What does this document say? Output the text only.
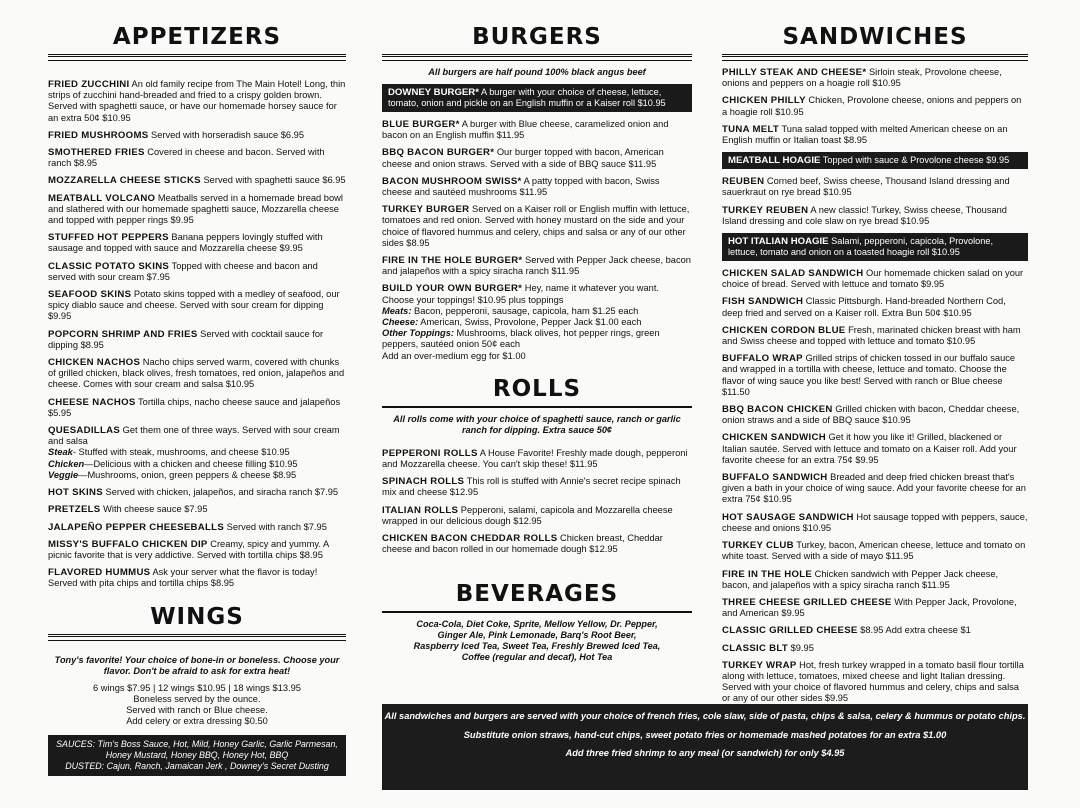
APPETIZERS
FRIED ZUCCHINI An old family recipe from The Main Hotel! Long, thin strips of zucchini hand-breaded and fried to a crispy golden brown. Served with spaghetti sauce, or have our homemade horsey sauce for an extra 50¢ $10.95
FRIED MUSHROOMS Served with horseradish sauce $6.95
SMOTHERED FRIES Covered in cheese and bacon. Served with ranch $8.95
MOZZARELLA CHEESE STICKS Served with spaghetti sauce $6.95
MEATBALL VOLCANO Meatballs served in a homemade bread bowl and slathered with our homemade spaghetti sauce, Mozzarella cheese and topped with pepper rings $9.95
STUFFED HOT PEPPERS Banana peppers lovingly stuffed with sausage and topped with sauce and Mozzarella cheese $9.95
CLASSIC POTATO SKINS Topped with cheese and bacon and served with sour cream $7.95
SEAFOOD SKINS Potato skins topped with a medley of seafood, our spicy diablo sauce and cheese. Served with sour cream for dipping $9.95
POPCORN SHRIMP AND FRIES Served with cocktail sauce for dipping $8.95
CHICKEN NACHOS Nacho chips served warm, covered with chunks of grilled chicken, black olives, fresh tomatoes, red onion, jalapeños and cheese. Comes with sour cream and salsa $10.95
CHEESE NACHOS Tortilla chips, nacho cheese sauce and jalapeños $5.95
QUESADILLAS Get them one of three ways. Served with sour cream and salsa
Steak- Stuffed with steak, mushrooms, and cheese $10.95
Chicken—Delicious with a chicken and cheese filling $10.95
Veggie—Mushrooms, onion, green peppers & cheese $8.95
HOT SKINS Served with chicken, jalapeños, and siracha ranch $7.95
PRETZELS With cheese sauce $7.95
JALAPEÑO PEPPER CHEESEBALLS Served with ranch $7.95
MISSY'S BUFFALO CHICKEN DIP Creamy, spicy and yummy. A picnic favorite that is very addictive. Served with tortilla chips $8.95
FLAVORED HUMMUS Ask your server what the flavor is today! Served with pita chips and tortilla chips $8.95
WINGS

Tony's favorite! Your choice of bone-in or boneless. Choose your flavor. Don't be afraid to ask for extra heat!

6 wings $7.95 | 12 wings $10.95 | 18 wings $13.95
Boneless served by the ounce.
Served with ranch or Blue cheese.
Add celery or extra dressing $0.50
SAUCES: Tim's Boss Sauce, Hot, Mild, Honey Garlic, Garlic Parmesan, Honey Mustard, Honey BBQ, Honey Hot, BBQ
DUSTED: Cajun, Ranch, Jamaican Jerk , Downey's Secret Dusting
BURGERS

All burgers are half pound 100% black angus beef

DOWNEY BURGER* A burger with your choice of cheese, lettuce, tomato, onion and pickle on an English muffin or a Kaiser roll $10.95
BLUE BURGER* A burger with Blue cheese, caramelized onion and bacon on an English muffin $11.95
BBQ BACON BURGER* Our burger topped with bacon, American cheese and onion straws. Served with a side of BBQ sauce $11.95
BACON MUSHROOM SWISS* A patty topped with bacon, Swiss cheese and sautéed mushrooms $11.95
TURKEY BURGER Served on a Kaiser roll or English muffin with lettuce, tomatoes and red onion. Served with honey mustard on the side and your choice of flavored hummus and celery, chips and salsa or any of our other sides $8.95
FIRE IN THE HOLE BURGER* Served with Pepper Jack cheese, bacon and jalapeños with a spicy siracha ranch $11.95
BUILD YOUR OWN BURGER* Hey, name it whatever you want. Choose your toppings! $10.95 plus toppings
Meats: Bacon, pepperoni, sausage, capicola, ham $1.25 each
Cheese: American, Swiss, Provolone, Pepper Jack $1.00 each
Other Toppings: Mushrooms, black olives, hot pepper rings, green peppers, sautéed onion 50¢ each
Add an over-medium egg for $1.00
ROLLS

All rolls come with your choice of spaghetti sauce, ranch or garlic ranch for dipping. Extra sauce 50¢

PEPPERONI ROLLS A House Favorite! Freshly made dough, pepperoni and Mozzarella cheese. You can't skip these! $11.95
SPINACH ROLLS This roll is stuffed with Annie's secret recipe spinach mix and cheese $12.95
ITALIAN ROLLS Pepperoni, salami, capicola and Mozzarella cheese wrapped in our delicious dough $12.95
CHICKEN BACON CHEDDAR ROLLS Chicken breast, Cheddar cheese and bacon rolled in our homemade dough $12.95
BEVERAGES
Coca-Cola, Diet Coke, Sprite, Mellow Yellow, Dr. Pepper,
Ginger Ale, Pink Lemonade, Barq's Root Beer,
Raspberry Iced Tea, Sweet Tea, Freshly Brewed Iced Tea,
Coffee (regular and decaf), Hot Tea
SANDWICHES
PHILLY STEAK AND CHEESE* Sirloin steak, Provolone cheese, onions and peppers on a hoagie roll $10.95
CHICKEN PHILLY Chicken, Provolone cheese, onions and peppers on a hoagie roll $10.95
TUNA MELT Tuna salad topped with melted American cheese on an English muffin or Italian toast $8.95
MEATBALL HOAGIE Topped with sauce & Provolone cheese $9.95
REUBEN Corned beef, Swiss cheese, Thousand Island dressing and sauerkraut on rye bread $10.95
TURKEY REUBEN A new classic! Turkey, Swiss cheese, Thousand Island dressing and cole slaw on rye bread $10.95
HOT ITALIAN HOAGIE Salami, pepperoni, capicola, Provolone, lettuce, tomato and onion on a toasted hoagie roll $10.95
CHICKEN SALAD SANDWICH Our homemade chicken salad on your choice of bread. Served with lettuce and tomato $9.95
FISH SANDWICH Classic Pittsburgh. Hand-breaded Northern Cod, deep fried and served on a Kaiser roll. Extra Bun 50¢ $10.95
CHICKEN CORDON BLUE Fresh, marinated chicken breast with ham and Swiss cheese and topped with lettuce and tomato $10.95
BUFFALO WRAP Grilled strips of chicken tossed in our buffalo sauce and wrapped in a tortilla with cheese, lettuce and tomato. Choose the flavor of wing sauce you like best! Served with ranch or Blue cheese $11.50
BBQ BACON CHICKEN Grilled chicken with bacon, Cheddar cheese, onion straws and a side of BBQ sauce $10.95
CHICKEN SANDWICH Get it how you like it! Grilled, blackened or Italian sautée. Served with lettuce and tomato on a Kaiser roll. Add your favorite cheese for an extra 75¢ $9.95
BUFFALO SANDWICH Breaded and deep fried chicken breast that's given a bath in your choice of wing sauce. Add your favorite cheese for an extra 75¢ $10.95
HOT SAUSAGE SANDWICH Hot sausage topped with peppers, sauce, cheese and onions $10.95
TURKEY CLUB Turkey, bacon, American cheese, lettuce and tomato on white toast. Served with a side of mayo $11.95
FIRE IN THE HOLE Chicken sandwich with Pepper Jack cheese, bacon, and jalapeños with a spicy siracha ranch $11.95
THREE CHEESE GRILLED CHEESE With Pepper Jack, Provolone, and American $9.95
CLASSIC GRILLED CHEESE $8.95 Add extra cheese $1
CLASSIC BLT $9.95
TURKEY WRAP Hot, fresh turkey wrapped in a tomato basil flour tortilla along with lettuce, tomatoes, mixed cheese and light Italian dressing. Served with your choice of flavored hummus and celery, chips and salsa or any of our other sides $9.95

All sandwiches and burgers are served with your choice of french fries, cole slaw, side of pasta, chips & salsa, celery & hummus or potato chips.

Substitute onion straws, hand-cut chips, sweet potato fries or homemade mashed potatoes for an extra $1.00

Add three fried shrimp to any meal (or sandwich) for only $4.95
